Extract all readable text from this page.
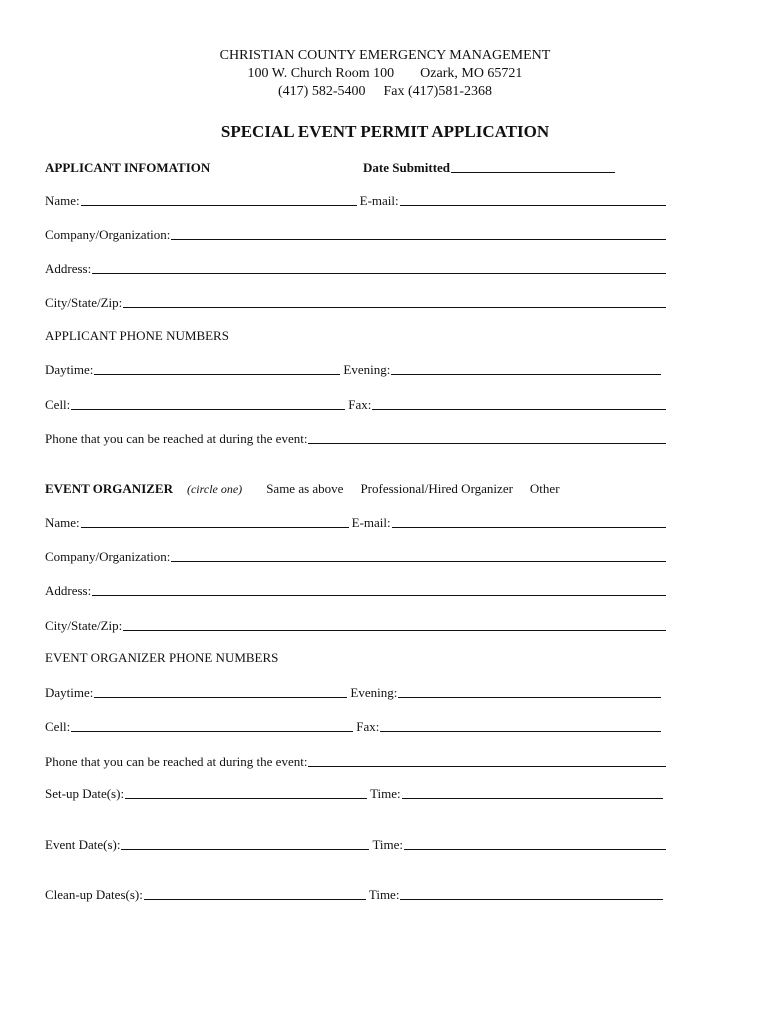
CHRISTIAN COUNTY EMERGENCY MANAGEMENT
100 W. Church Room 100 Ozark, MO 65721
(417) 582-5400 Fax (417)581-2368
SPECIAL EVENT PERMIT APPLICATION
APPLICANT INFOMATION	Date Submitted
Name:	E-mail:
Company/Organization:
Address:
City/State/Zip:
APPLICANT PHONE NUMBERS
Daytime:	Evening:
Cell:	Fax:
Phone that you can be reached at during the event:
EVENT ORGANIZER (circle one) Same as above Professional/Hired Organizer Other
Name:	E-mail:
Company/Organization:
Address:
City/State/Zip:
EVENT ORGANIZER PHONE NUMBERS
Daytime:	Evening:
Cell:	Fax:
Phone that you can be reached at during the event:
Set-up Date(s):	Time:
Event Date(s):	Time:
Clean-up Dates(s):	Time:
